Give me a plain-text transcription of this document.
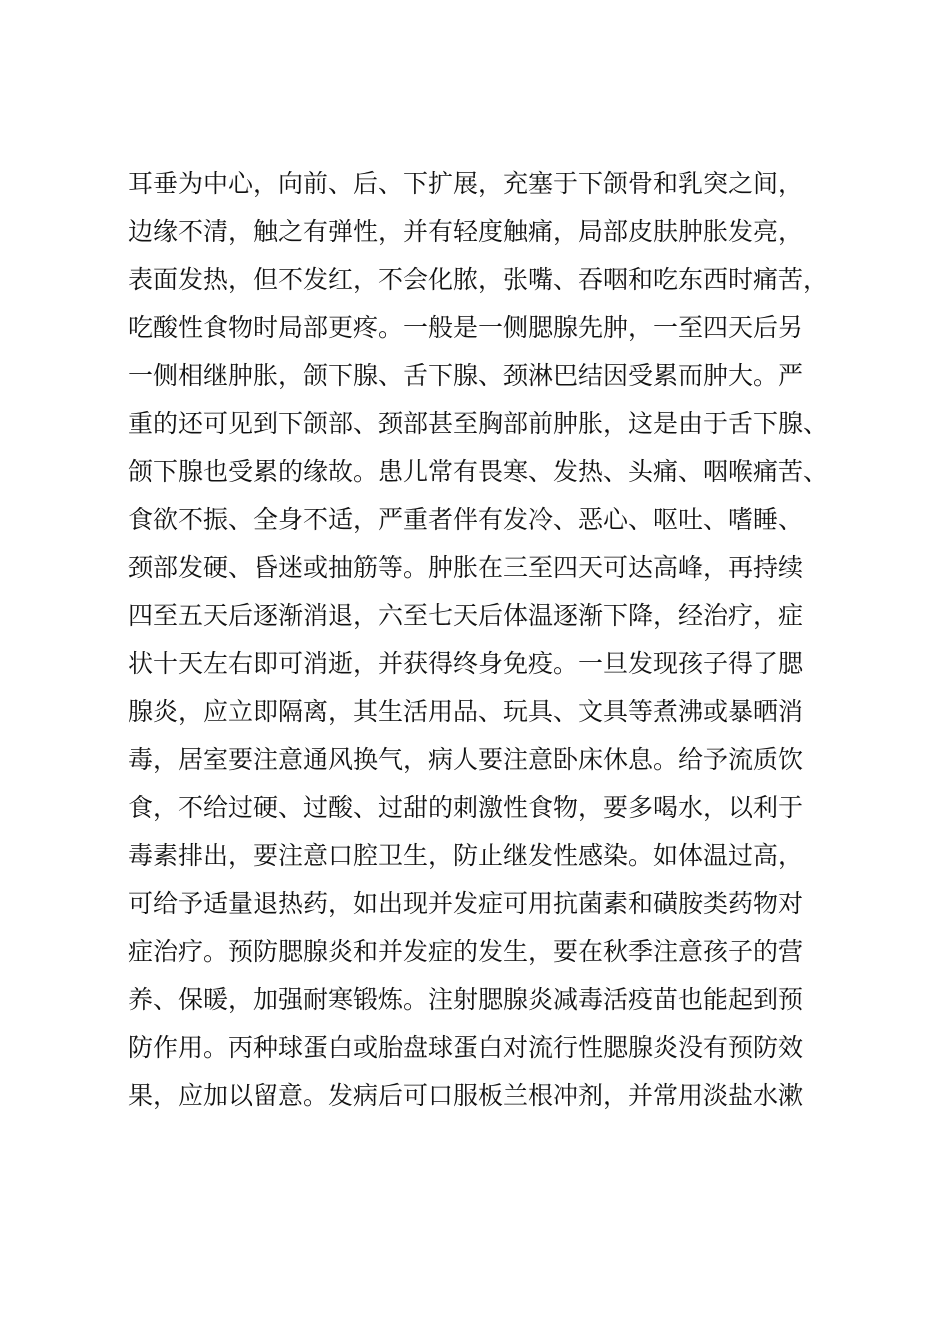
耳垂为中心，向前、后、下扩展，充塞于下颌骨和乳突之间，
边缘不清，触之有弹性，并有轻度触痛，局部皮肤肿胀发亮，
表面发热，但不发红，不会化脓，张嘴、吞咽和吃东西时痛苦，
吃酸性食物时局部更疼。一般是一侧腮腺先肿，一至四天后另
一侧相继肿胀，颌下腺、舌下腺、颈淋巴结因受累而肿大。严
重的还可见到下颌部、颈部甚至胸部前肿胀，这是由于舌下腺、
颌下腺也受累的缘故。患儿常有畏寒、发热、头痛、咽喉痛苦、
食欲不振、全身不适，严重者伴有发冷、恶心、呕吐、嗜睡、
颈部发硬、昏迷或抽筋等。肿胀在三至四天可达高峰，再持续
四至五天后逐渐消退，六至七天后体温逐渐下降，经治疗，症
状十天左右即可消逝，并获得终身免疫。一旦发现孩子得了腮
腺炎，应立即隔离，其生活用品、玩具、文具等煮沸或暴晒消
毒，居室要注意通风换气，病人要注意卧床休息。给予流质饮
食，不给过硬、过酸、过甜的刺激性食物，要多喝水，以利于
毒素排出，要注意口腔卫生，防止继发性感染。如体温过高，
可给予适量退热药，如出现并发症可用抗菌素和磺胺类药物对
症治疗。预防腮腺炎和并发症的发生，要在秋季注意孩子的营
养、保暖，加强耐寒锻炼。注射腮腺炎减毒活疫苗也能起到预
防作用。丙种球蛋白或胎盘球蛋白对流行性腮腺炎没有预防效
果，应加以留意。发病后可口服板兰根冲剂，并常用淡盐水漱
